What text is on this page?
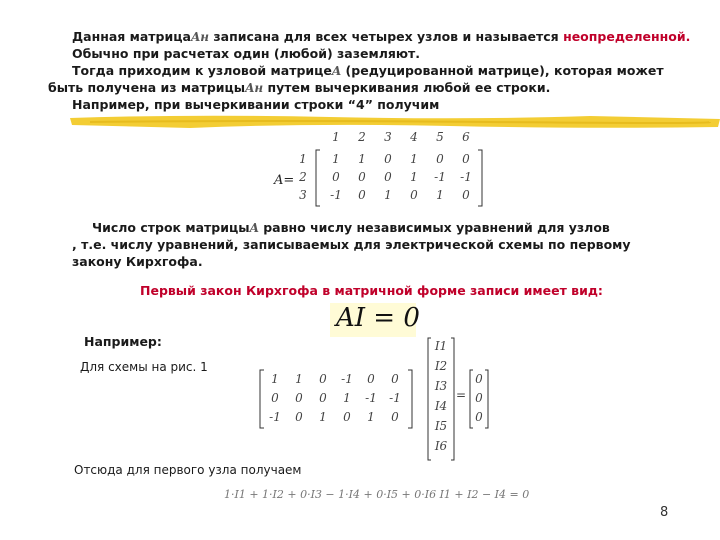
Данная матрицаAн записана для всех четырех узлов и называется неопределенной.
Обычно при расчетах один (любой) заземляют.
Тогда приходим к узловой матрицеA (редуцированной матрице), которая может
быть получена из матрицыAн путем вычеркивания любой ее строки.
Например, при вычеркивании строки “4” получим
A=
1	2	3	4	5	6
1
2
3
1	1	0	1	0	0
0	0	0	1	-1	-1
-1	0	1	0	1	0
Число строк матрицыA равно числу независимых уравнений для узлов
, т.е. числу уравнений, записываемых для электрической схемы по первому
закону Кирхгофа.
Первый закон Кирхгофа в матричной форме записи имеет вид:
AI = 0
Например:
Для схемы на рис. 1
1	1	0	-1	0	0
0	0	0	1	-1	-1
-1	0	1	0	1	0
I1
I2
I3
I4
I5
I6
=
0
0
0
Отсюда для первого узла получаем
1·I1 + 1·I2 + 0·I3 − 1·I4 + 0·I5 + 0·I6 I1 + I2 − I4 = 0
8
